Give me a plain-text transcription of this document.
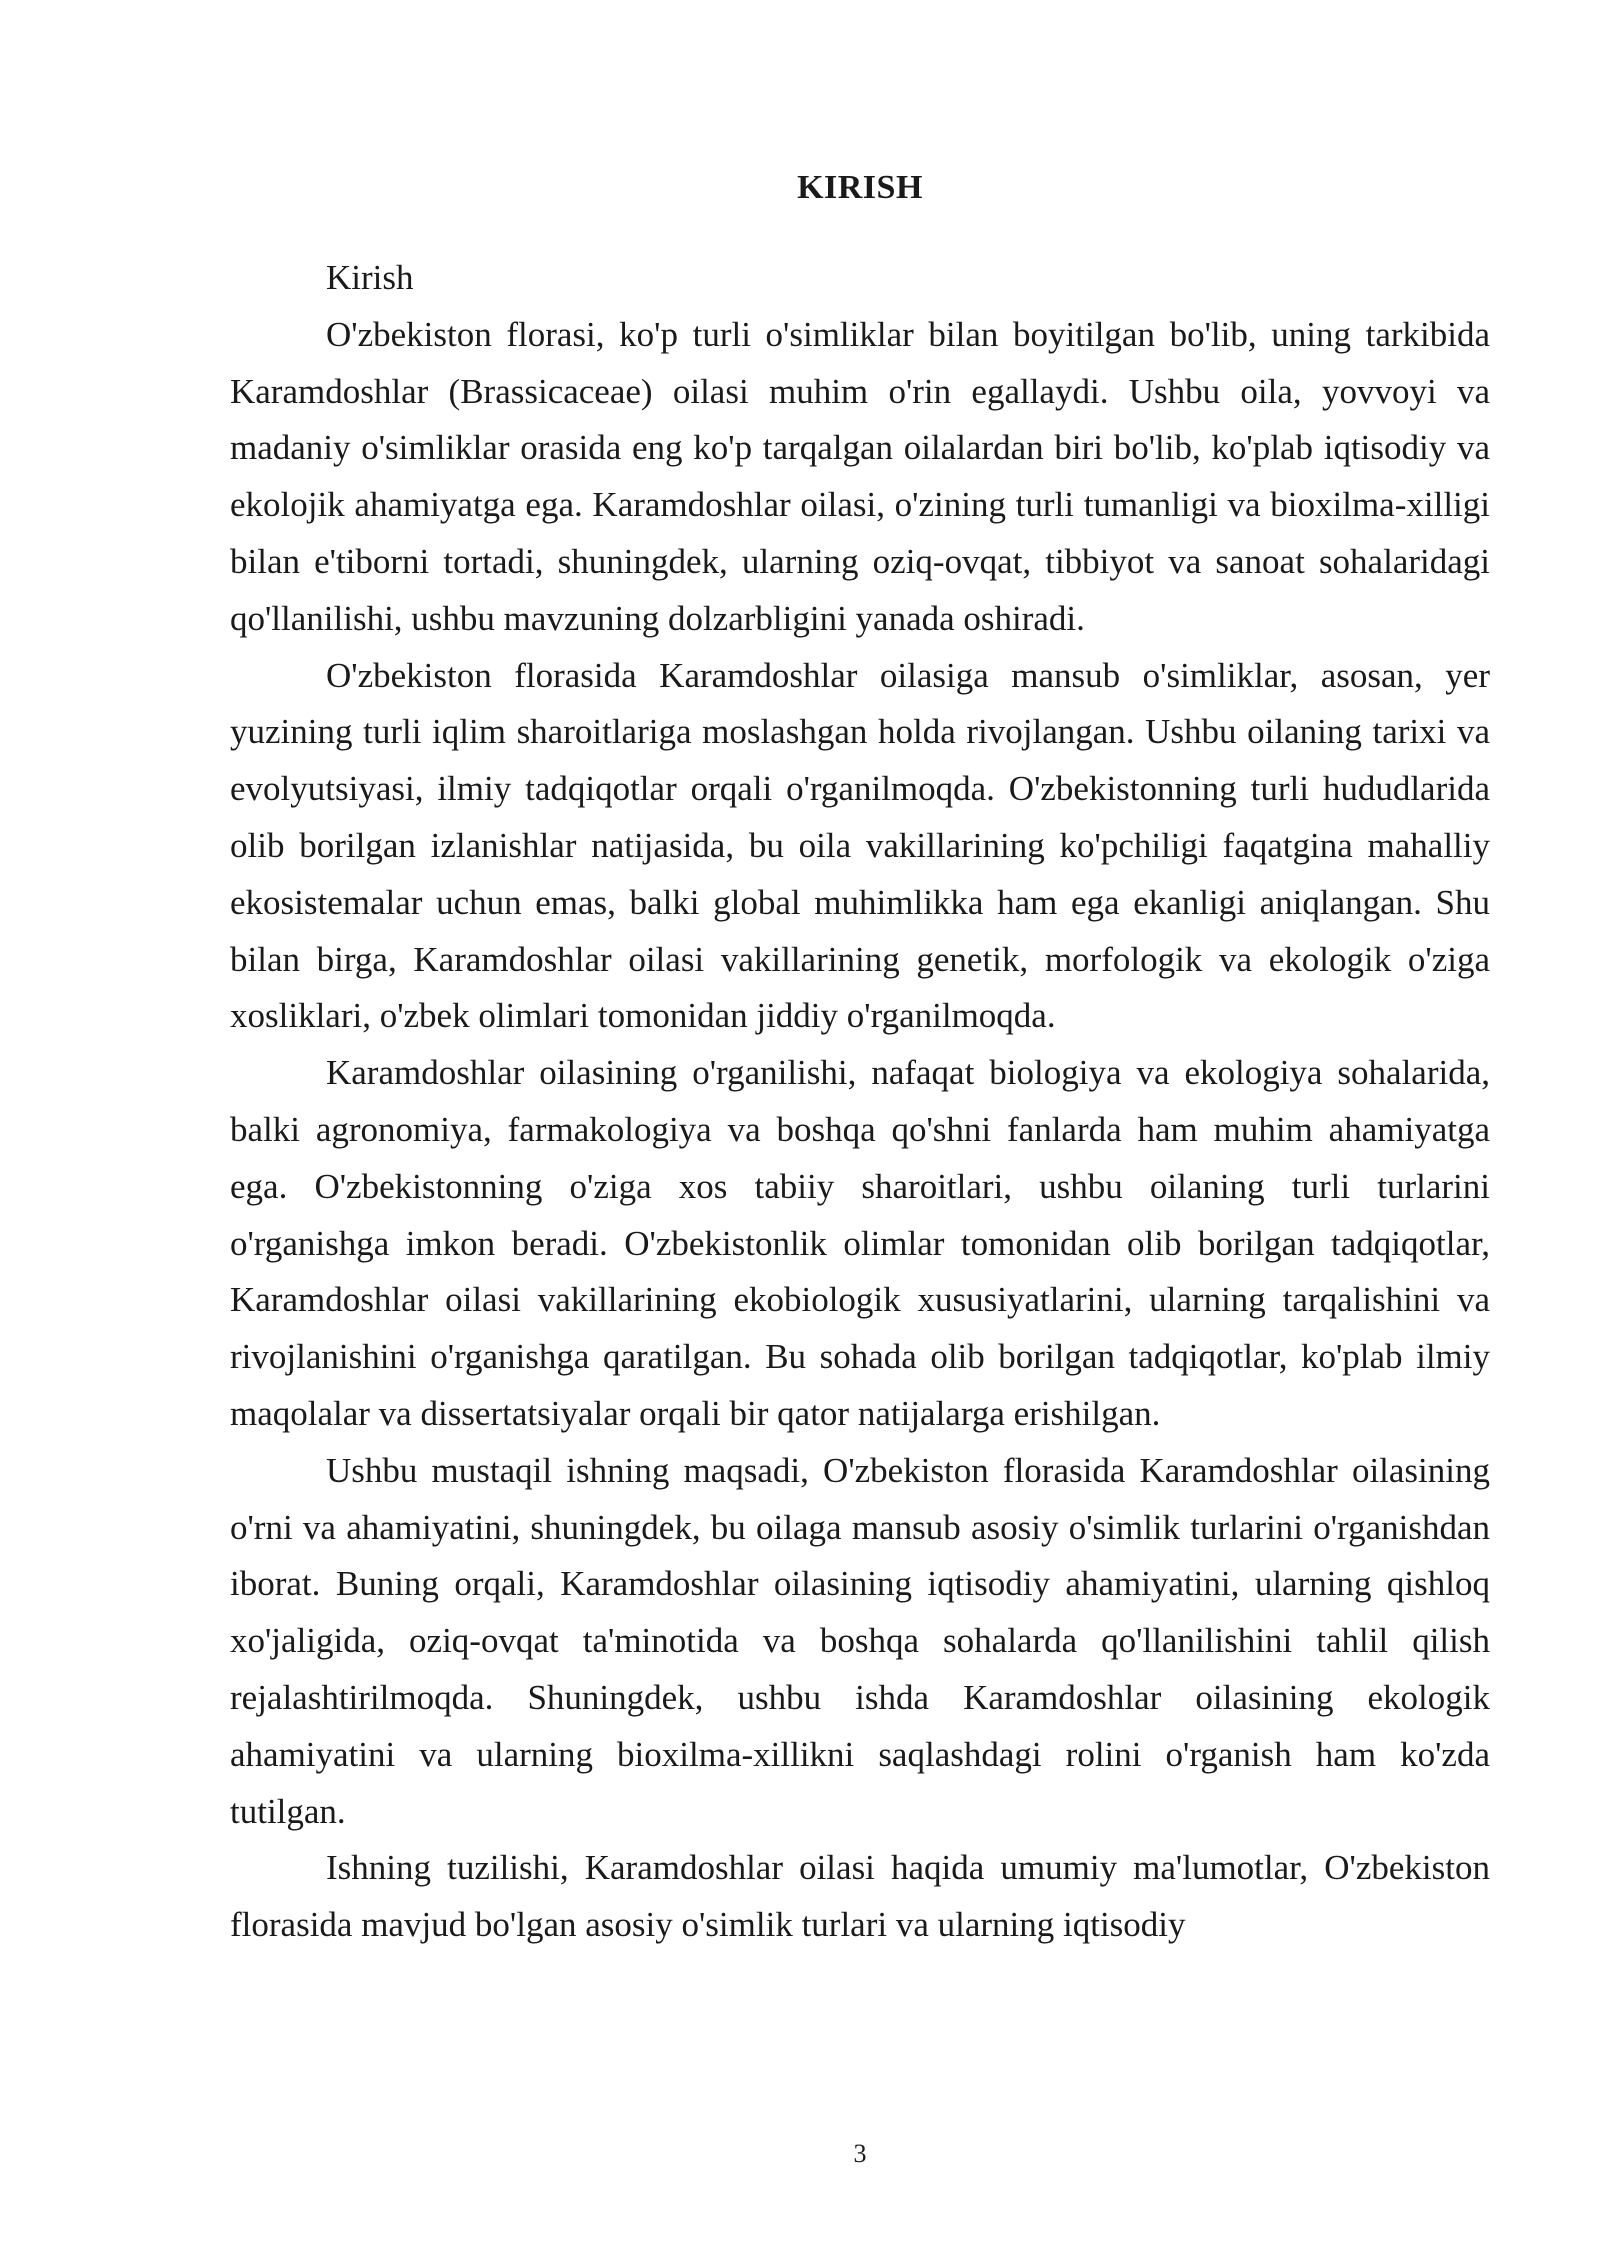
KIRISH

Kirish

O'zbekiston florasi, ko'p turli o'simliklar bilan boyitilgan bo'lib, uning tarkibida Karamdoshlar (Brassicaceae) oilasi muhim o'rin egallaydi. Ushbu oila, yovvoyi va madaniy o'simliklar orasida eng ko'p tarqalgan oilalardan biri bo'lib, ko'plab iqtisodiy va ekolojik ahamiyatga ega. Karamdoshlar oilasi, o'zining turli tumanligi va bioxilma-xilligi bilan e'tiborni tortadi, shuningdek, ularning oziq-ovqat, tibbiyot va sanoat sohalaridagi qo'llanilishi, ushbu mavzuning dolzarbligini yanada oshiradi.

O'zbekiston florasida Karamdoshlar oilasiga mansub o'simliklar, asosan, yer yuzining turli iqlim sharoitlariga moslashgan holda rivojlangan. Ushbu oilaning tarixi va evolyutsiyasi, ilmiy tadqiqotlar orqali o'rganilmoqda. O'zbekistonning turli hududlarida olib borilgan izlanishlar natijasida, bu oila vakillarining ko'pchiligi faqatgina mahalliy ekosistemalar uchun emas, balki global muhimlikka ham ega ekanligi aniqlangan. Shu bilan birga, Karamdoshlar oilasi vakillarining genetik, morfologik va ekologik o'ziga xosliklari, o'zbek olimlari tomonidan jiddiy o'rganilmoqda.

Karamdoshlar oilasining o'rganilishi, nafaqat biologiya va ekologiya sohalarida, balki agronomiya, farmakologiya va boshqa qo'shni fanlarda ham muhim ahamiyatga ega. O'zbekistonning o'ziga xos tabiiy sharoitlari, ushbu oilaning turli turlarini o'rganishga imkon beradi. O'zbekistonlik olimlar tomonidan olib borilgan tadqiqotlar, Karamdoshlar oilasi vakillarining ekobiologik xususiyatlarini, ularning tarqalishini va rivojlanishini o'rganishga qaratilgan. Bu sohada olib borilgan tadqiqotlar, ko'plab ilmiy maqolalar va dissertatsiyalar orqali bir qator natijalarga erishilgan.

Ushbu mustaqil ishning maqsadi, O'zbekiston florasida Karamdoshlar oilasining o'rni va ahamiyatini, shuningdek, bu oilaga mansub asosiy o'simlik turlarini o'rganishdan iborat. Buning orqali, Karamdoshlar oilasining iqtisodiy ahamiyatini, ularning qishloq xo'jaligida, oziq-ovqat ta'minotida va boshqa sohalarda qo'llanilishini tahlil qilish rejalashtirilmoqda. Shuningdek, ushbu ishda Karamdoshlar oilasining ekologik ahamiyatini va ularning bioxilma-xillikni saqlashdagi rolini o'rganish ham ko'zda tutilgan.

Ishning tuzilishi, Karamdoshlar oilasi haqida umumiy ma'lumotlar, O'zbekiston florasida mavjud bo'lgan asosiy o'simlik turlari va ularning iqtisodiy

3
